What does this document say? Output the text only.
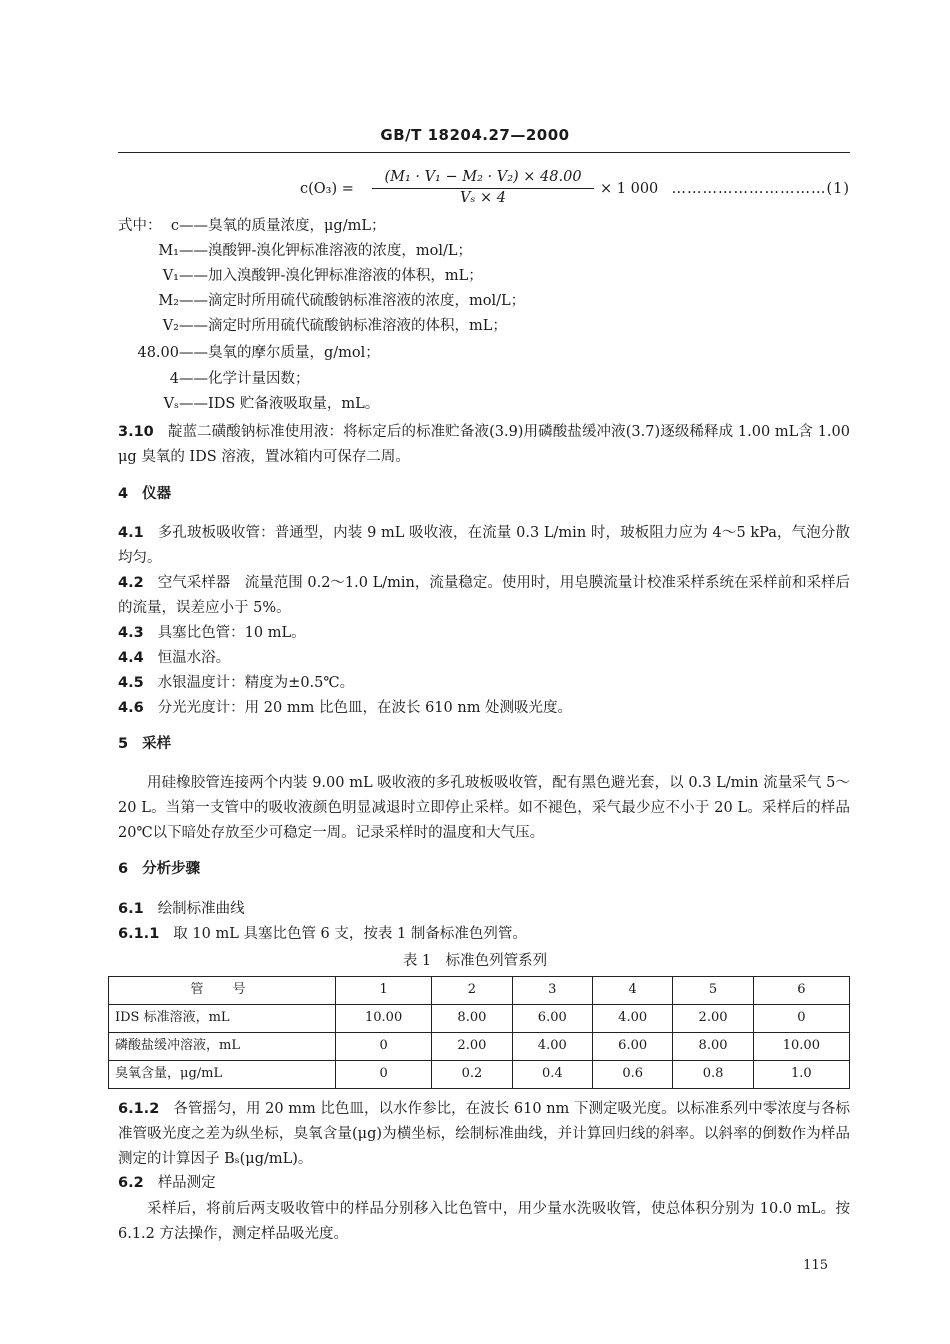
GB/T 18204.27—2000
$c(O_3) = \frac{\text{(M₁ · V₁ − M₂ · V₂) × 48.00}}{\text{Vₛ × 4}} \times 1$ 000 …………………………(1)
式中： c——臭氧的质量浓度，μg/mL；
M₁——溴酸钾-溴化钾标准溶液的浓度，mol/L；
V₁——加入溴酸钾-溴化钾标准溶液的体积，mL；
M₂——滴定时所用硫代硫酸钠标准溶液的浓度，mol/L；
V₂——滴定时所用硫代硫酸钠标准溶液的体积，mL；
48.00——臭氧的摩尔质量，g/mol；
4——化学计量因数；
Vₛ——IDS 贮备液吸取量，mL。
3.10 靛蓝二磺酸钠标准使用液：将标定后的标准贮备液(3.9)用磷酸盐缓冲液(3.7)逐级稀释成 1.00 mL含 1.00 μg 臭氧的 IDS 溶液，置冰箱内可保存二周。
4 仪器
4.1 多孔玻板吸收管：普通型，内装 9 mL 吸收液，在流量 0.3 L/min 时，玻板阻力应为 4～5 kPa，气泡分散均匀。
4.2 空气采样器　流量范围 0.2～1.0 L/min，流量稳定。使用时，用皂膜流量计校准采样系统在采样前和采样后的流量，误差应小于 5%。
4.3 具塞比色管：10 mL。
4.4 恒温水浴。
4.5 水银温度计：精度为±0.5℃。
4.6 分光光度计：用 20 mm 比色皿，在波长 610 nm 处测吸光度。
5 采样
用硅橡胶管连接两个内装 9.00 mL 吸收液的多孔玻板吸收管，配有黑色避光套，以 0.3 L/min 流量采气 5～20 L。当第一支管中的吸收液颜色明显减退时立即停止采样。如不褪色，采气最少应不小于 20 L。采样后的样品 20℃以下暗处存放至少可稳定一周。记录采样时的温度和大气压。
6 分析步骤
6.1 绘制标准曲线
6.1.1 取 10 mL 具塞比色管 6 支，按表 1 制备标准色列管。
表 1　标准色列管系列
管　号	1	2	3	4	5	6
IDS 标准溶液，mL	10.00	8.00	6.00	4.00	2.00	0
磷酸盐缓冲溶液，mL	0	2.00	4.00	6.00	8.00	10.00
臭氧含量，μg/mL	0	0.2	0.4	0.6	0.8	1.0
6.1.2 各管摇匀，用 20 mm 比色皿，以水作参比，在波长 610 nm 下测定吸光度。以标准系列中零浓度与各标准管吸光度之差为纵坐标，臭氧含量(μg)为横坐标，绘制标准曲线，并计算回归线的斜率。以斜率的倒数作为样品测定的计算因子 Bₛ(μg/mL)。
6.2 样品测定
采样后，将前后两支吸收管中的样品分别移入比色管中，用少量水洗吸收管，使总体积分别为 10.0 mL。按 6.1.2 方法操作，测定样品吸光度。
115
